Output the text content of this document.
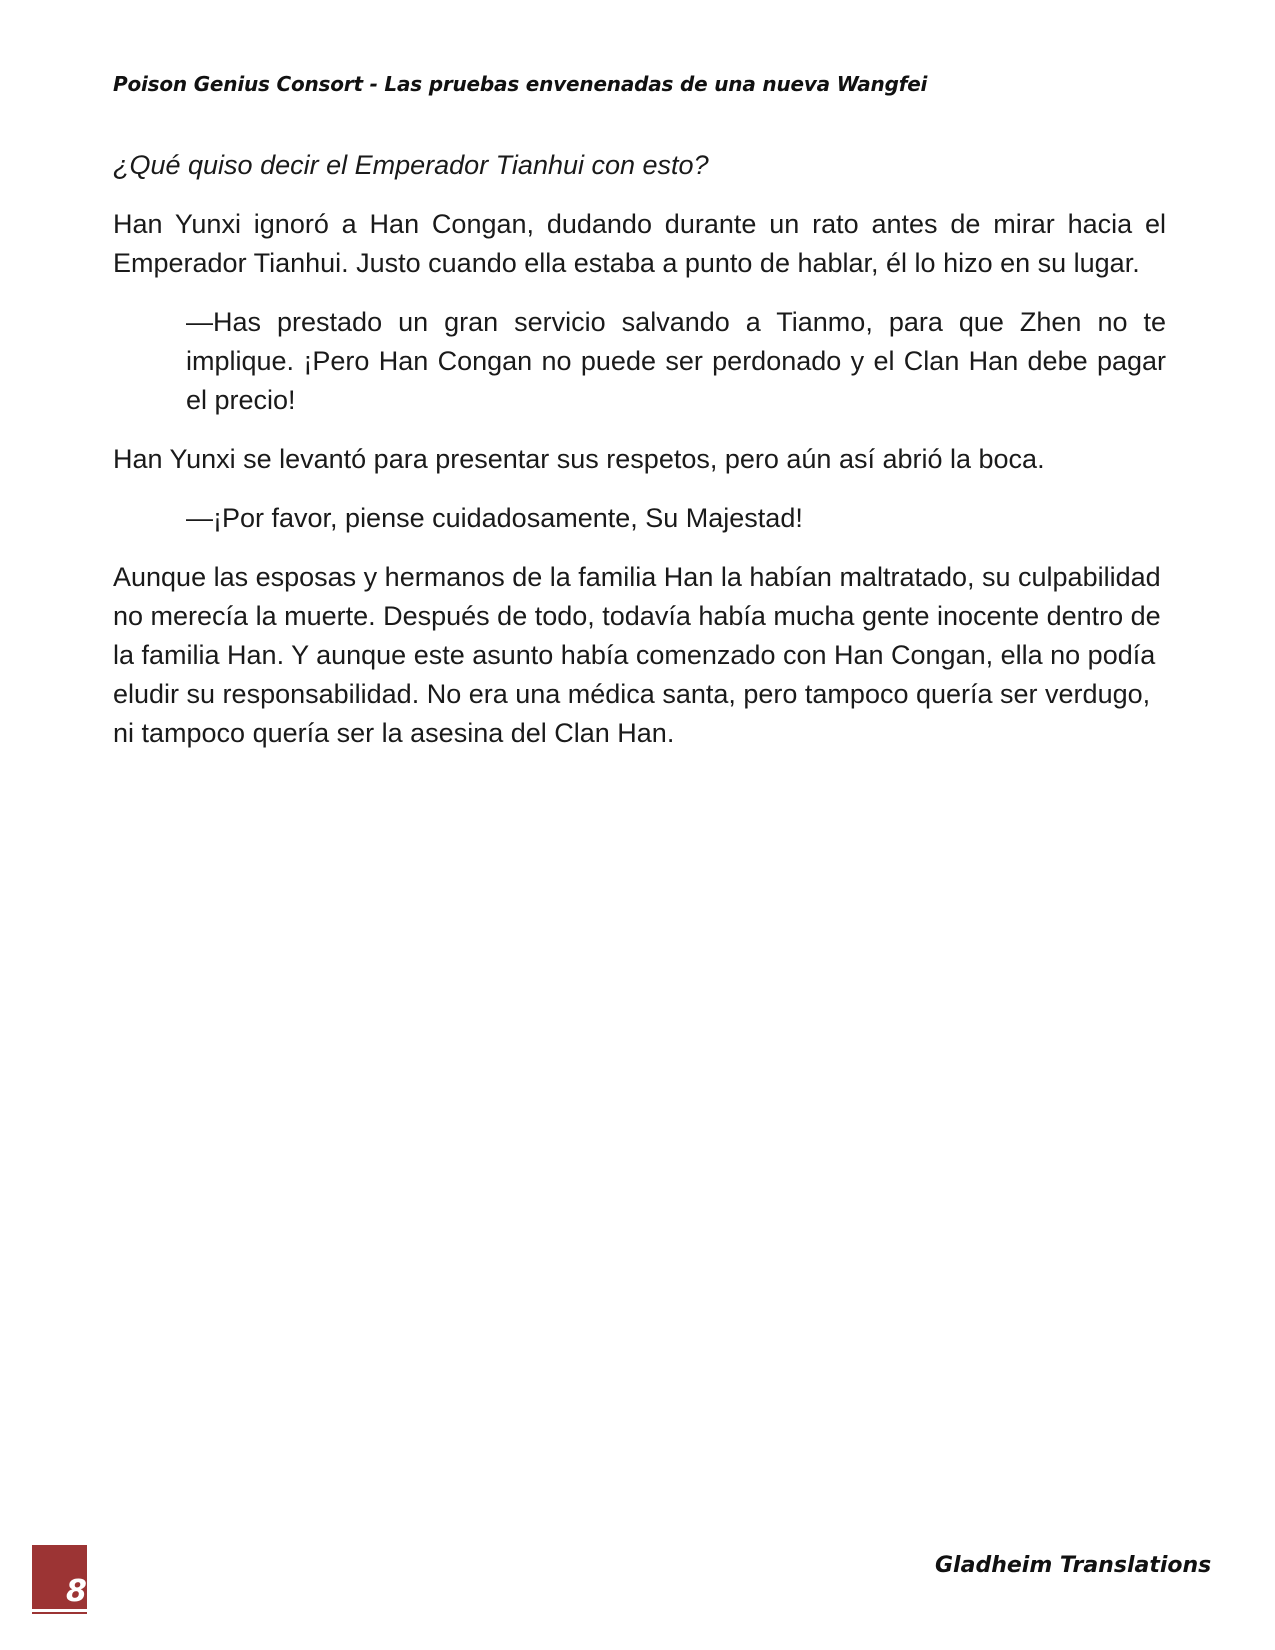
Poison Genius Consort - Las pruebas envenenadas de una nueva Wangfei

¿Qué quiso decir el Emperador Tianhui con esto?

Han Yunxi ignoró a Han Congan, dudando durante un rato antes de mirar hacia el Emperador Tianhui. Justo cuando ella estaba a punto de hablar, él lo hizo en su lugar.

—Has prestado un gran servicio salvando a Tianmo, para que Zhen no te implique. ¡Pero Han Congan no puede ser perdonado y el Clan Han debe pagar el precio!

Han Yunxi se levantó para presentar sus respetos, pero aún así abrió la boca.

—¡Por favor, piense cuidadosamente, Su Majestad!

Aunque las esposas y hermanos de la familia Han la habían maltratado, su culpabilidad no merecía la muerte. Después de todo, todavía había mucha gente inocente dentro de la familia Han. Y aunque este asunto había comenzado con Han Congan, ella no podía eludir su responsabilidad. No era una médica santa, pero tampoco quería ser verdugo, ni tampoco quería ser la asesina del Clan Han.

8
Gladheim Translations
